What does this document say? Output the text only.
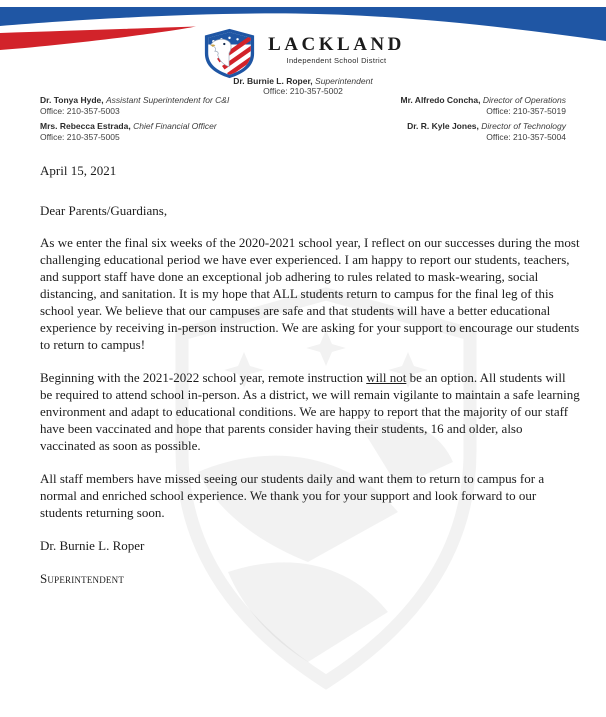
LACKLAND
Independent School District
Dr. Burnie L. Roper, Superintendent
Office: 210-357-5002
Dr. Tonya Hyde, Assistant Superintendent for C&I
Office: 210-357-5003
Mrs. Rebecca Estrada, Chief Financial Officer
Office: 210-357-5005
Mr. Alfredo Concha, Director of Operations
Office: 210-357-5019
Dr. R. Kyle Jones, Director of Technology
Office: 210-357-5004
April 15, 2021
Dear Parents/Guardians,

As we enter the final six weeks of the 2020-2021 school year, I reflect on our successes during the most challenging educational period we have ever experienced. I am happy to report our students, teachers, and support staff have done an exceptional job adhering to rules related to mask-wearing, social distancing, and sanitation. It is my hope that ALL students return to campus for the final leg of this school year. We believe that our campuses are safe and that students will have a better educational experience by receiving in-person instruction. We are asking for your support to encourage our students to return to campus!

Beginning with the 2021-2022 school year, remote instruction will not be an option. All students will be required to attend school in-person. As a district, we will remain vigilante to maintain a safe learning environment and adapt to educational conditions. We are happy to report that the majority of our staff have been vaccinated and hope that parents consider having their students, 16 and older, also vaccinated as soon as possible.

All staff members have missed seeing our students daily and want them to return to campus for a normal and enriched school experience. We thank you for your support and look forward to our students returning soon.

Dr. Burnie L. Roper

Superintendent
